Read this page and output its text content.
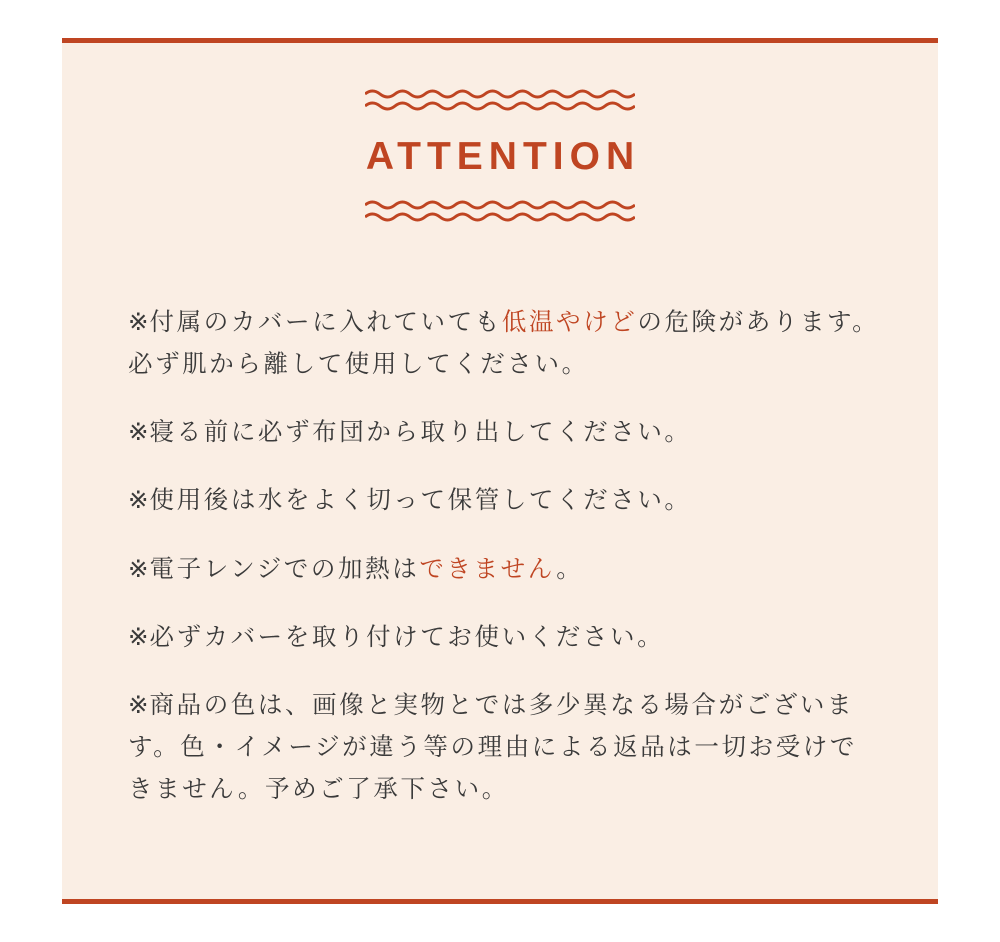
ATTENTION

※付属のカバーに入れていても低温やけどの危険があります。必ず肌から離して使用してください。

※寝る前に必ず布団から取り出してください。

※使用後は水をよく切って保管してください。

※電子レンジでの加熱はできません。

※必ずカバーを取り付けてお使いください。

※商品の色は、画像と実物とでは多少異なる場合がございます。色・イメージが違う等の理由による返品は一切お受けできません。予めご了承下さい。
